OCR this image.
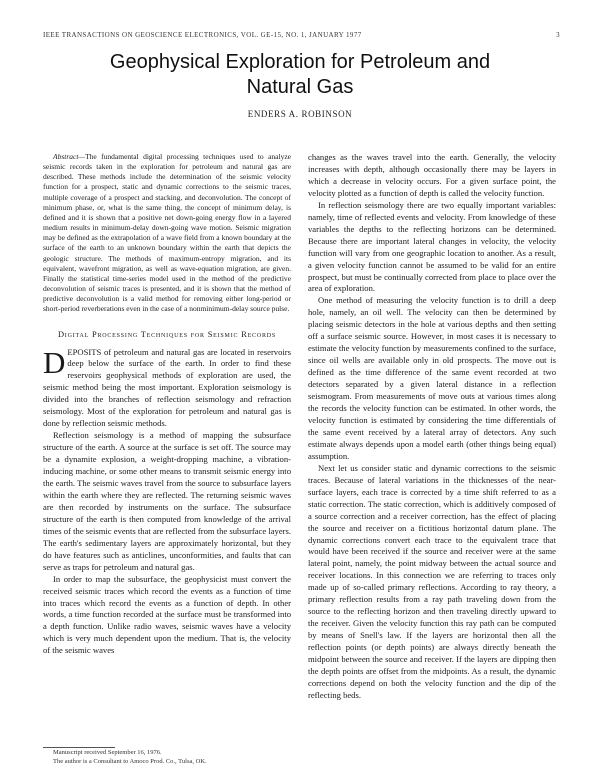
IEEE TRANSACTIONS ON GEOSCIENCE ELECTRONICS, VOL. GE-15, NO. 1, JANUARY 1977	3
Geophysical Exploration for Petroleum and
Natural Gas
ENDERS A. ROBINSON

Abstract—The fundamental digital processing techniques used to analyze seismic records taken in the exploration for petroleum and natural gas are described. These methods include the determination of the seismic velocity function for a prospect, static and dynamic corrections to the seismic traces, multiple coverage of a prospect and stacking, and deconvolution. The concept of minimum phase, or, what is the same thing, the concept of minimum delay, is defined and it is shown that a positive net down-going energy flow in a layered medium results in minimum-delay down-going wave motion. Seismic migration may be defined as the extrapolation of a wave field from a known boundary at the surface of the earth to an unknown boundary within the earth that depicts the geologic structure. The methods of maximum-entropy migration, and its equivalent, wavefront migration, as well as wave-equation migration, are given. Finally the statistical time-series model used in the method of the predictive deconvolution of seismic traces is presented, and it is shown that the method of predictive deconvolution is a valid method for removing either long-period or short-period reverberations even in the case of a nonminimum-delay source pulse.

Digital Processing Techniques for Seismic Records

DEPOSITS of petroleum and natural gas are located in reservoirs deep below the surface of the earth. In order to find these reservoirs geophysical methods of exploration are used, the seismic method being the most important. Exploration seismology is divided into the branches of reflection seismology and refraction seismology. Most of the exploration for petroleum and natural gas is done by reflection seismic methods.

Reflection seismology is a method of mapping the subsurface structure of the earth. A source at the surface is set off. The source may be a dynamite explosion, a weight-dropping machine, a vibration-inducing machine, or some other means to transmit seismic energy into the earth. The seismic waves travel from the source to subsurface layers within the earth where they are reflected. The returning seismic waves are then recorded by instruments on the surface. The subsurface structure of the earth is then computed from knowledge of the arrival times of the seismic events that are reflected from the subsurface layers. The earth's sedimentary layers are approximately horizontal, but they do have features such as anticlines, unconformities, and faults that can serve as traps for petroleum and natural gas.

In order to map the subsurface, the geophysicist must convert the received seismic traces which record the events as a function of time into traces which record the events as a function of depth. In other words, a time function recorded at the surface must be transformed into a depth function. Unlike radio waves, seismic waves have a velocity which is very much dependent upon the medium. That is, the velocity of the seismic waves

changes as the waves travel into the earth. Generally, the velocity increases with depth, although occasionally there may be layers in which a decrease in velocity occurs. For a given surface point, the velocity plotted as a function of depth is called the velocity function.

In reflection seismology there are two equally important variables: namely, time of reflected events and velocity. From knowledge of these variables the depths to the reflecting horizons can be determined. Because there are important lateral changes in velocity, the velocity function will vary from one geographic location to another. As a result, a given velocity function cannot be assumed to be valid for an entire prospect, but must be continually corrected from place to place over the area of exploration.

One method of measuring the velocity function is to drill a deep hole, namely, an oil well. The velocity can then be determined by placing seismic detectors in the hole at various depths and then setting off a surface seismic source. However, in most cases it is necessary to estimate the velocity function by measurements confined to the surface, since oil wells are available only in old prospects. The move out is defined as the time difference of the same event recorded at two detectors separated by a given lateral distance in a reflection seismogram. From measurements of move outs at various times along the records the velocity function can be estimated. In other words, the velocity function is estimated by considering the time differentials of the same event received by a lateral array of detectors. Any such estimate always depends upon a model earth (other things being equal) assumption.

Next let us consider static and dynamic corrections to the seismic traces. Because of lateral variations in the thicknesses of the near-surface layers, each trace is corrected by a time shift referred to as a static correction. The static correction, which is additively composed of a source correction and a receiver correction, has the effect of placing the source and receiver on a fictitious horizontal datum plane. The dynamic corrections convert each trace to the equivalent trace that would have been received if the source and receiver were at the same lateral point, namely, the point midway between the actual source and receiver locations. In this connection we are referring to traces only made up of so-called primary reflections. According to ray theory, a primary reflection results from a ray path traveling down from the source to the reflecting horizon and then traveling directly upward to the receiver. Given the velocity function this ray path can be computed by means of Snell's law. If the layers are horizontal then all the reflection points (or depth points) are always directly beneath the midpoint between the source and receiver. If the layers are dipping then the depth points are offset from the midpoints. As a result, the dynamic corrections depend on both the velocity function and the dip of the reflecting beds.

Manuscript received September 16, 1976.
The author is a Consultant to Amoco Prod. Co., Tulsa, OK.
